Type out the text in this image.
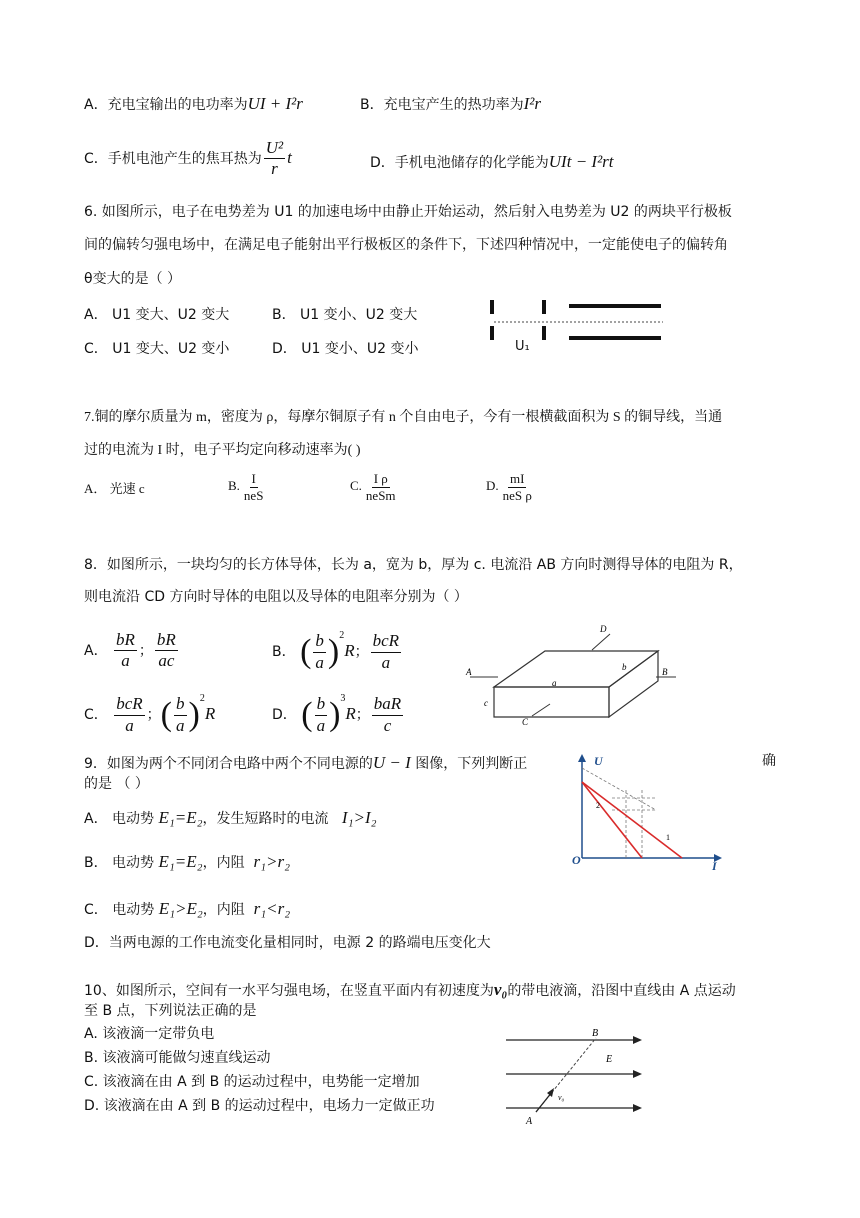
A．充电宝输出的电功率为UI + I²r	B．充电宝产生的热功率为I²r
C．手机电池产生的焦耳热为 $\frac{\text{U²}}{r}$ t	D．手机电池储存的化学能为UIt − I²rt
6. 如图所示，电子在电势差为 U1 的加速电场中由静止开始运动，然后射入电势差为 U2 的两块平行极板
间的偏转匀强电场中，在满足电子能射出平行极板区的条件下，下述四种情况中，一定能使电子的偏转角
θ变大的是（ ）
A． U1 变大、U2 变大	B． U1 变小、U2 变大
C． U1 变大、U2 变小	D． U1 变小、U2 变小	U₁
7.铜的摩尔质量为 m，密度为 ρ，每摩尔铜原子有 n 个自由电子，今有一根横截面积为 S 的铜导线，当通
过的电流为 I 时，电子平均定向移动速率为( )
A． 光速 c	B. $\frac{I}{\text{neS}}$	C. $\frac{\text{I ρ}}{\text{neSm}}$	D. $\frac{mI}{\text{neS ρ}}$
8．如图所示，一块均匀的长方体导体，长为 a，宽为 b，厚为 c. 电流沿 AB 方向时测得导体的电阻为 R，
则电流沿 CD 方向时导体的电阻以及导体的电阻率分别为（ ）
A． $\frac{bR}{a}$ ； $\frac{bR}{ac}$	B． ( $\frac{b}{a} )^2R$； $\frac{\text{bcR}}{a}$
C． $\frac{\text{bcR}}{a}$ ；( $\frac{b}{a} )^2R$	D． ( $\frac{b}{a} )^3R$； $\frac{\text{baR}}{c}$
A	B
D
C
a
b
c
9．如图为两个不同闭合电路中两个不同电源的U − I 图像，下列判断正	确
的是 （ ）
A． 电动势 E₁=E₂，发生短路时的电流 I₁>I₂
B． 电动势 E₁=E₂，内阻 r₁>r₂
C． 电动势 E₁>E₂，内阻 r₁<r₂
D．当两电源的工作电流变化量相同时，电源 2 的路端电压变化大
U
I
O
1
2
10、如图所示，空间有一水平匀强电场，在竖直平面内有初速度为v₀的带电液滴，沿图中直线由 A 点运动
至 B 点，下列说法正确的是
A. 该液滴一定带负电
B. 该液滴可能做匀速直线运动
C. 该液滴在由 A 到 B 的运动过程中，电势能一定增加
D. 该液滴在由 A 到 B 的运动过程中，电场力一定做正功
A
B
E
v₀
